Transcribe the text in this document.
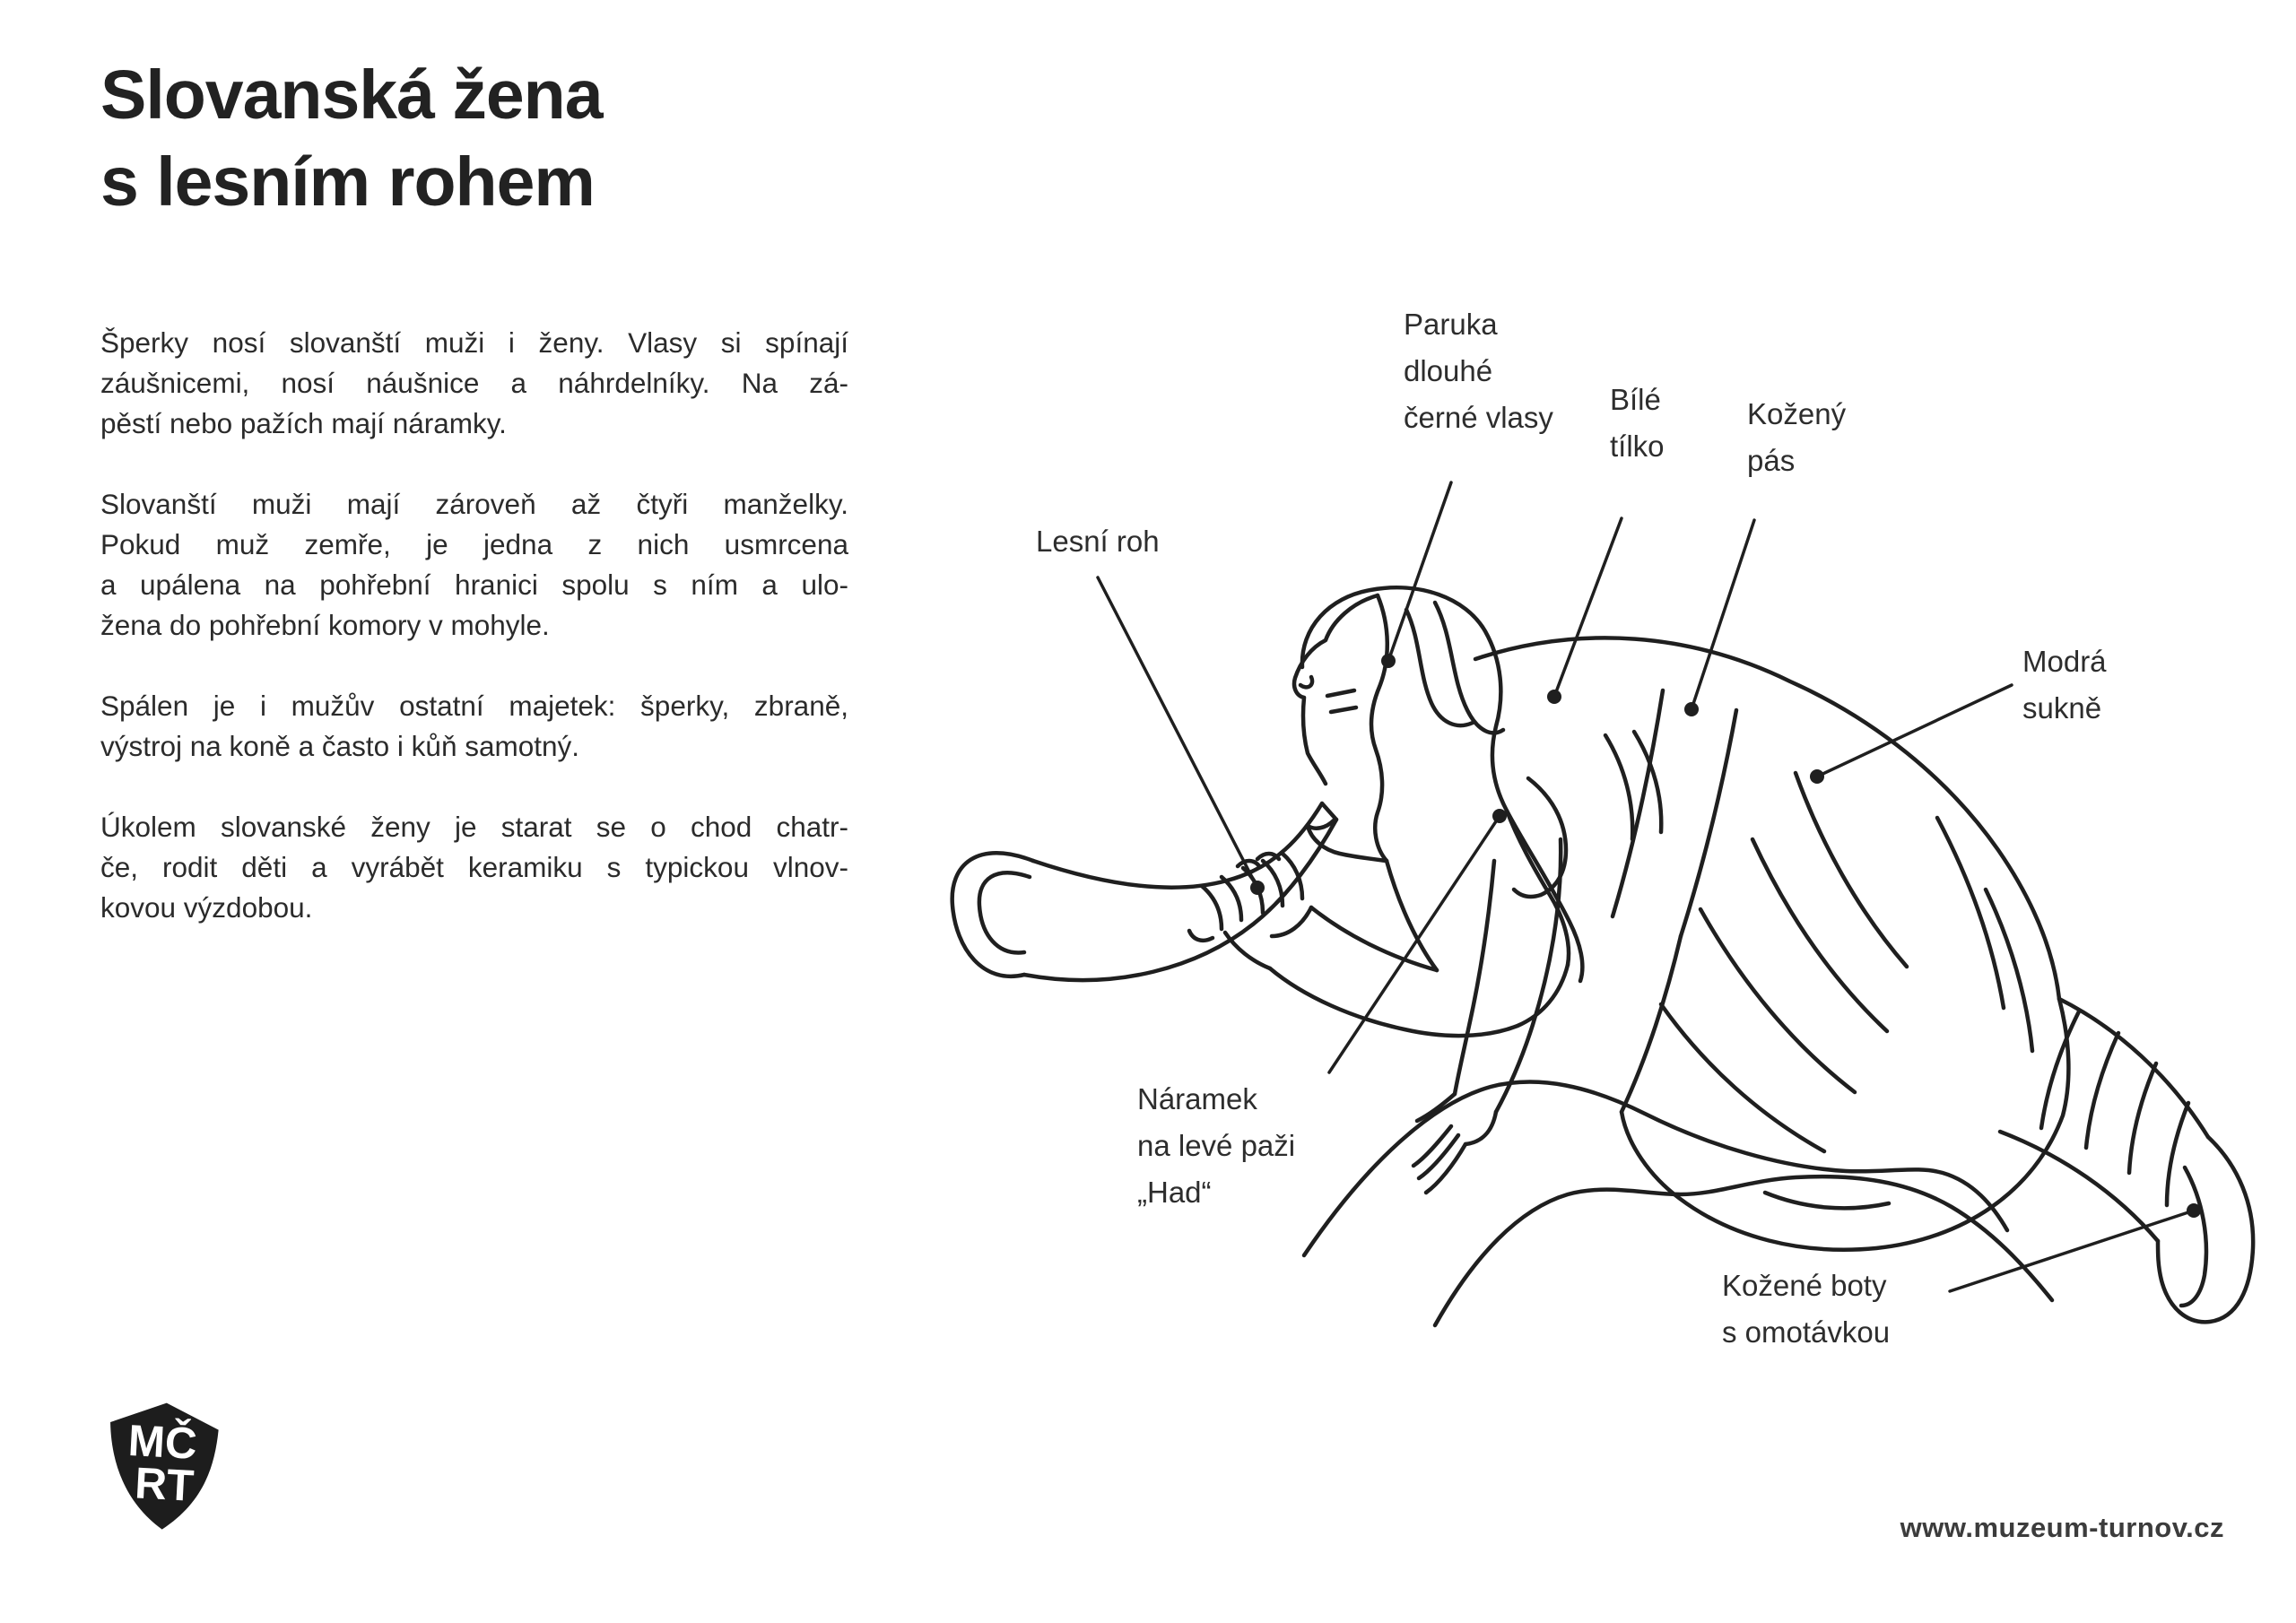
Slovanská žena
s lesním rohem
Šperky nosí slovanští muži i ženy. Vlasy si spínají
záušnicemi, nosí náušnice a náhrdelníky. Na zá-
pěstí nebo pažích mají náramky.
Slovanští muži mají zároveň až čtyři manželky.
Pokud muž zemře, je jedna z nich usmrcena
a upálena na pohřební hranici spolu s ním a ulo-
žena do pohřební komory v mohyle.
Spálen je i mužův ostatní majetek: šperky, zbraně,
výstroj na koně a často i kůň samotný.
Úkolem slovanské ženy je starat se o chod chatr-
če, rodit děti a vyrábět keramiku s typickou vlnov-
kovou výzdobou.
Lesní roh
Paruka
dlouhé
černé vlasy
Bílé
tílko
Kožený
pás
Modrá
sukně
Náramek
na levé paži
„Had“
Kožené boty
s omotávkou
MČ
RT
www.muzeum-turnov.cz
